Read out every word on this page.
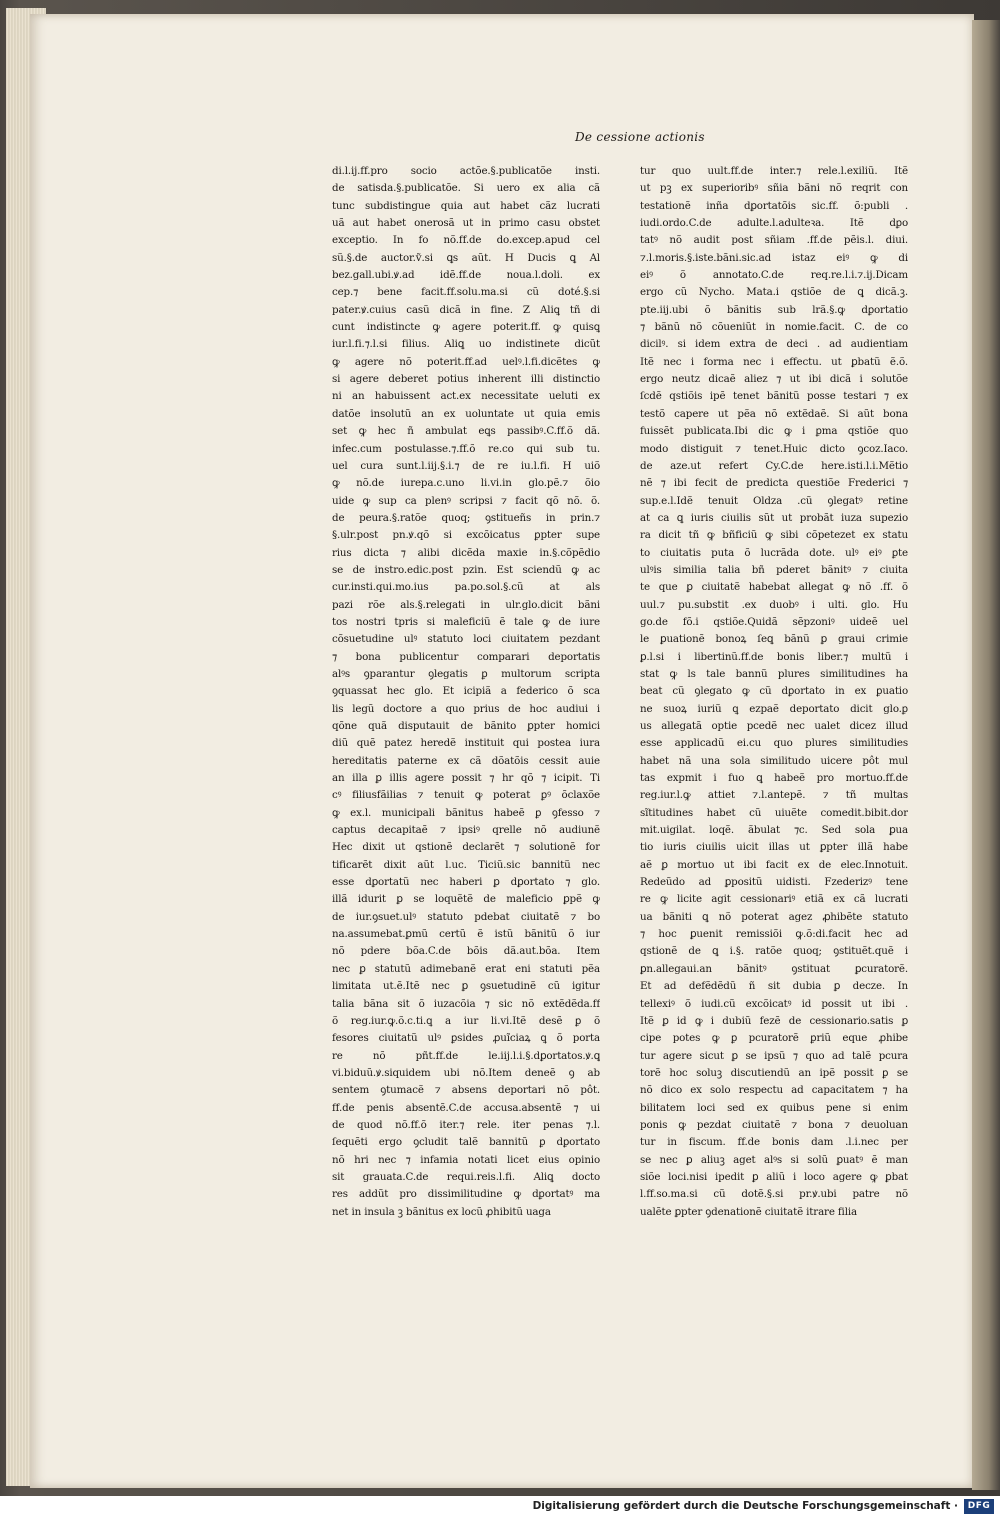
De cessione actionis
di.l.ij.ff.pro socio actõe.§.publicatõe insti.
de satisda.§.publicatõe. Si uero ex alia cã
tunc subdistingue quia aut habet cãz lucrati
uã aut habet onerosã ut in primo casu obstet
exceptio. In fo nõ.ff.de do.excep.apud cel
sũ.§.de auctor.ṽ.si ꝗs aũt. H Ducis ꝗ Al
bez.gall.ubi.ꝟ.ad idẽ.ff.de noua.l.doli. ex
cep.⁊ bene facit.ff.solu.ma.si cũ doté.§.si
pater.ꝟ.cuius casũ dicã in fine. Z Aliꝗ tñ di
cunt indistincte ꝙ agere poterit.ff. ꝙ quisꝗ
iur.l.fi.⁊.l.si filius. Aliꝗ uo indistinete dicũt
ꝙ agere nõ poterit.ff.ad uelꝰ.l.fi.dicẽtes ꝙ
si agere deberet potius inherent illi distinctio
ni an habuissent act.ex necessitate ueluti ex
datõe insolutũ an ex uoluntate ut quia emis
set ꝙ hec ñ ambulat eꝗs passibꝰ.C.ff.õ dã.
infec.cum postulasse.⁊.ff.õ re.co qui sub tu.
uel cura sunt.l.iij.§.i.⁊ de re iu.l.fi. H uiõ
ꝙ nõ.de iurepa.c.uno li.vi.in glo.pẽ.⁊ õio
uide ꝙ sup ca plenꝰ scripsi ⁊ facit qõ nõ. õ.
de peura.§.ratõe quoq; ꝯstitueñs in prin.⁊
§.ulr.post pn.ꝟ.qõ si excõicatus ꝑpter supe
rius dicta ⁊ alibi dicẽda maxie in.§.cõpẽdio
se de instro.edic.post pzin. Est sciendũ ꝙ ac
cur.insti.qui.mo.ius pa.po.sol.§.cũ at als
pazi rõe als.§.relegati in ulr.glo.dicit bãni
tos nostri tpris si maleficiũ ẽ tale ꝙ de iure
cõsuetudine ulꝰ statuto loci ciuitatem pezdant
⁊ bona publicentur comparari deportatis
alꝰs ꝯparantur ꝯlegatis ꝑ multorum scripta
ꝯquassat hec glo. Et icipiã a federico õ sca
lis legũ doctore a quo prius de hoc audiui i
qõne quã disputauit de bãnito ꝑpter homici
diũ quẽ patez heredẽ instituit qui postea iura
hereditatis paterne ex cã dõatõis cessit auie
an illa ꝑ illis agere possit ⁊ hr qõ ⁊ icipit. Ti
cꝰ filiusfãilias ⁊ tenuit ꝙ poterat ꝑꝰ õclaxõe
ꝙ ex.l. municipali bãnitus habeẽ ꝑ ꝯfesso ⁊
captus decapitaẽ ⁊ ipsiꝰ qrelle nõ audiunẽ
Hec dixit ut qstionẽ declarẽt ⁊ solutionẽ for
tificarẽt dixit aũt l.uc. Ticiũ.sic bannitũ nec
esse dꝑortatũ nec haberi ꝑ dꝑortato ⁊ glo.
illã idurit ꝑ se loquẽtẽ de maleficio ꝑpẽ ꝙ
de iur.ꝯsuet.ulꝰ statuto pdebat ciuitatẽ ⁊ bo
na.assumebat.ꝑmũ certũ ẽ istũ bãnitũ õ iur
nõ pdere bõa.C.de bõis dã.aut.bõa. Item
nec ꝑ statutũ adimebanẽ erat eni statuti pẽa
limitata ut.ẽ.Itẽ nec ꝑ ꝯsuetudinẽ cũ igitur
talia bãna sit õ iuzacõia ⁊ sic nõ extẽdẽda.ff
õ reg.iur.ꝙ.õ.c.ti.ꝗ a iur li.vi.Itẽ desẽ ꝑ õ
fesores ciuitatũ ulꝰ ꝑsides ꝓuĩciaꝝ ꝗ õ porta
re nõ pñt.ff.de le.iij.l.i.§.dꝑortatos.ꝟ.ꝗ
vi.biduũ.ꝟ.siquidem ubi nõ.Item deneẽ ꝯ ab
sentem ꝯtumacẽ ⁊ absens deportari nõ pôt.
ff.de penis absentẽ.C.de accusa.absentẽ ⁊ ui
de quod nõ.ff.õ iter.⁊ rele. iter penas ⁊.l.
ſequẽti ergo ꝯcludit talẽ bannitũ ꝑ dꝑortato
nõ hri nec ⁊ infamia notati licet eius opinio
sit grauata.C.de requi.reis.l.fi. Aliꝗ docto
res addũt pro dissimilitudine ꝙ dꝑortatꝰ ma
net in insula ꝫ bãnitus ex locũ ꝓhibitũ uaga
tur quo uult.ff.de inter.⁊ rele.l.exiliũ. Itẽ
ut pꝫ ex superioribꝰ sñia bãni nõ reqrit con
testationẽ inña dꝑortatõis sic.ff. õ:publi .
iudi.ordo.C.de adulte.l.adulteꝛa. Itẽ dꝑo
tatꝰ nõ audit post sñiam .ff.de pẽis.l. diui.
⁊.l.moris.§.iste.bãni.sic.ad istaz eiꝰ ꝙ di
eiꝰ õ annotato.C.de req.re.l.i.⁊.ij.Dicam
ergo cũ Nycho. Mata.i qstiõe de ꝗ dicã.ꝫ.
pte.iij.ubi õ bãnitis sub lrã.§.ꝙ dꝑortatio
⁊ bãnũ nõ cõueniũt in nomie.facit. C. de co
dicilꝰ. si idem extra de deci . ad audientiam
Itẽ nec i forma nec i effectu. ut ꝑbatũ ẽ.õ.
ergo neutz dicaẽ aliez ⁊ ut ibi dicã i solutõe
ſcdẽ qstiõis ipẽ tenet bãnitũ posse testari ⁊ ex
testõ capere ut pẽa nõ extẽdaẽ. Si aũt bona
fuissẽt publicata.Ibi dic ꝙ i ꝑma qstiõe quo
modo distiguit ⁊ tenet.Huic dicto ꝯcoz.Iaco.
de aze.ut refert Cy.C.de here.isti.l.i.Mẽtio
nẽ ⁊ ibi fecit de predicta questiõe Frederici ⁊
sup.e.l.Idẽ tenuit Oldza .cũ ꝯlegatꝰ retine
at ca ꝗ iuris ciuilis sũt ut probãt iuza supezio
ra dicit tñ ꝙ bñficiũ ꝙ sibi cõpetezet ex statu
to ciuitatis puta õ lucrãda dote. ulꝰ eiꝰ ꝑte
ulꝰis similia talia bñ pderet bãnitꝰ ⁊ ciuita
te que ꝑ ciuitatẽ habebat allegat ꝙ nõ .ff. õ
uul.⁊ pu.substit .ex duobꝰ i ulti. glo. Hu
go.de fõ.i qstiõe.Quidã sẽpzoniꝰ uideẽ uel
le ꝑuationẽ bonoꝝ ſeꝗ bãnũ ꝑ graui crimie
ꝑ.l.si i libertinũ.ff.de bonis liber.⁊ multũ i
stat ꝙ ls tale bannũ plures similitudines ha
beat cũ ꝯlegato ꝙ cũ dꝑortato in ex ꝑuatio
ne suoꝝ iuriũ ꝗ ezpaẽ deportato dicit glo.ꝑ
us allegatã optie pcedẽ nec ualet dicez illud
esse applicadũ ei.cu quo plures similitudies
habet nã una sola similitudo uicere pôt mul
tas expmit i fuo ꝗ habeẽ pro mortuo.ff.de
reg.iur.l.ꝙ attiet ⁊.l.antepẽ. ⁊ tñ multas
sĩtitudines habet cũ uiuẽte comedit.bibit.dor
mit.uigilat. loqẽ. ãbulat ⁊c. Sed sola ꝑua
tio iuris ciuilis uicit illas ut ꝑpter illã habe
aẽ ꝑ mortuo ut ibi facit ex de elec.Innotuit.
Redeũdo ad ꝑpositũ uidisti. Fzederizꝰ tene
re ꝙ licite agit cessionariꝰ etiã ex cã lucrati
ua bãniti ꝗ nõ poterat agez ꝓhibẽte statuto
⁊ hoc ꝑuenit remissiõi ꝙ.õ:di.facit hec ad
qstionẽ de ꝗ i.§. ratõe quoq; ꝯstituẽt.quẽ i
ꝑn.allegaui.an bãnitꝰ ꝯstituat ꝑcuratorẽ.
Et ad defẽdẽdũ ñ sit dubia ꝑ decze. In
tellexiꝰ õ iudi.cũ excõicatꝰ id possit ut ibi .
Itẽ ꝑ id ꝙ i dubiũ fezẽ de cessionario.satis ꝑ
cipe potes ꝙ ꝑ pcuratorẽ ꝑriũ eque ꝓhibe
tur agere sicut ꝑ se ipsũ ⁊ quo ad talẽ pcura
torẽ hoc soluꝫ discutiendũ an ipẽ possit ꝑ se
nõ dico ex solo respectu ad capacitatem ⁊ ha
bilitatem loci sed ex quibus pene si enim
ponis ꝙ pezdat ciuitatẽ ⁊ bona ⁊ deuoluan
tur in fiscum. ff.de bonis dam .l.i.nec per
se nec ꝑ aliuꝫ aget alꝰs si solũ ꝑuatꝰ ẽ man
siõe loci.nisi ipedit ꝑ aliũ i loco agere ꝙ ꝑbat
l.ff.so.ma.si cũ dotẽ.§.si pr.ꝟ.ubi patre nõ
ualẽte ꝑpter ꝯdenationẽ ciuitatẽ itrare filia
Digitalisierung gefördert durch die Deutsche Forschungsgemeinschaft ·	DFG
